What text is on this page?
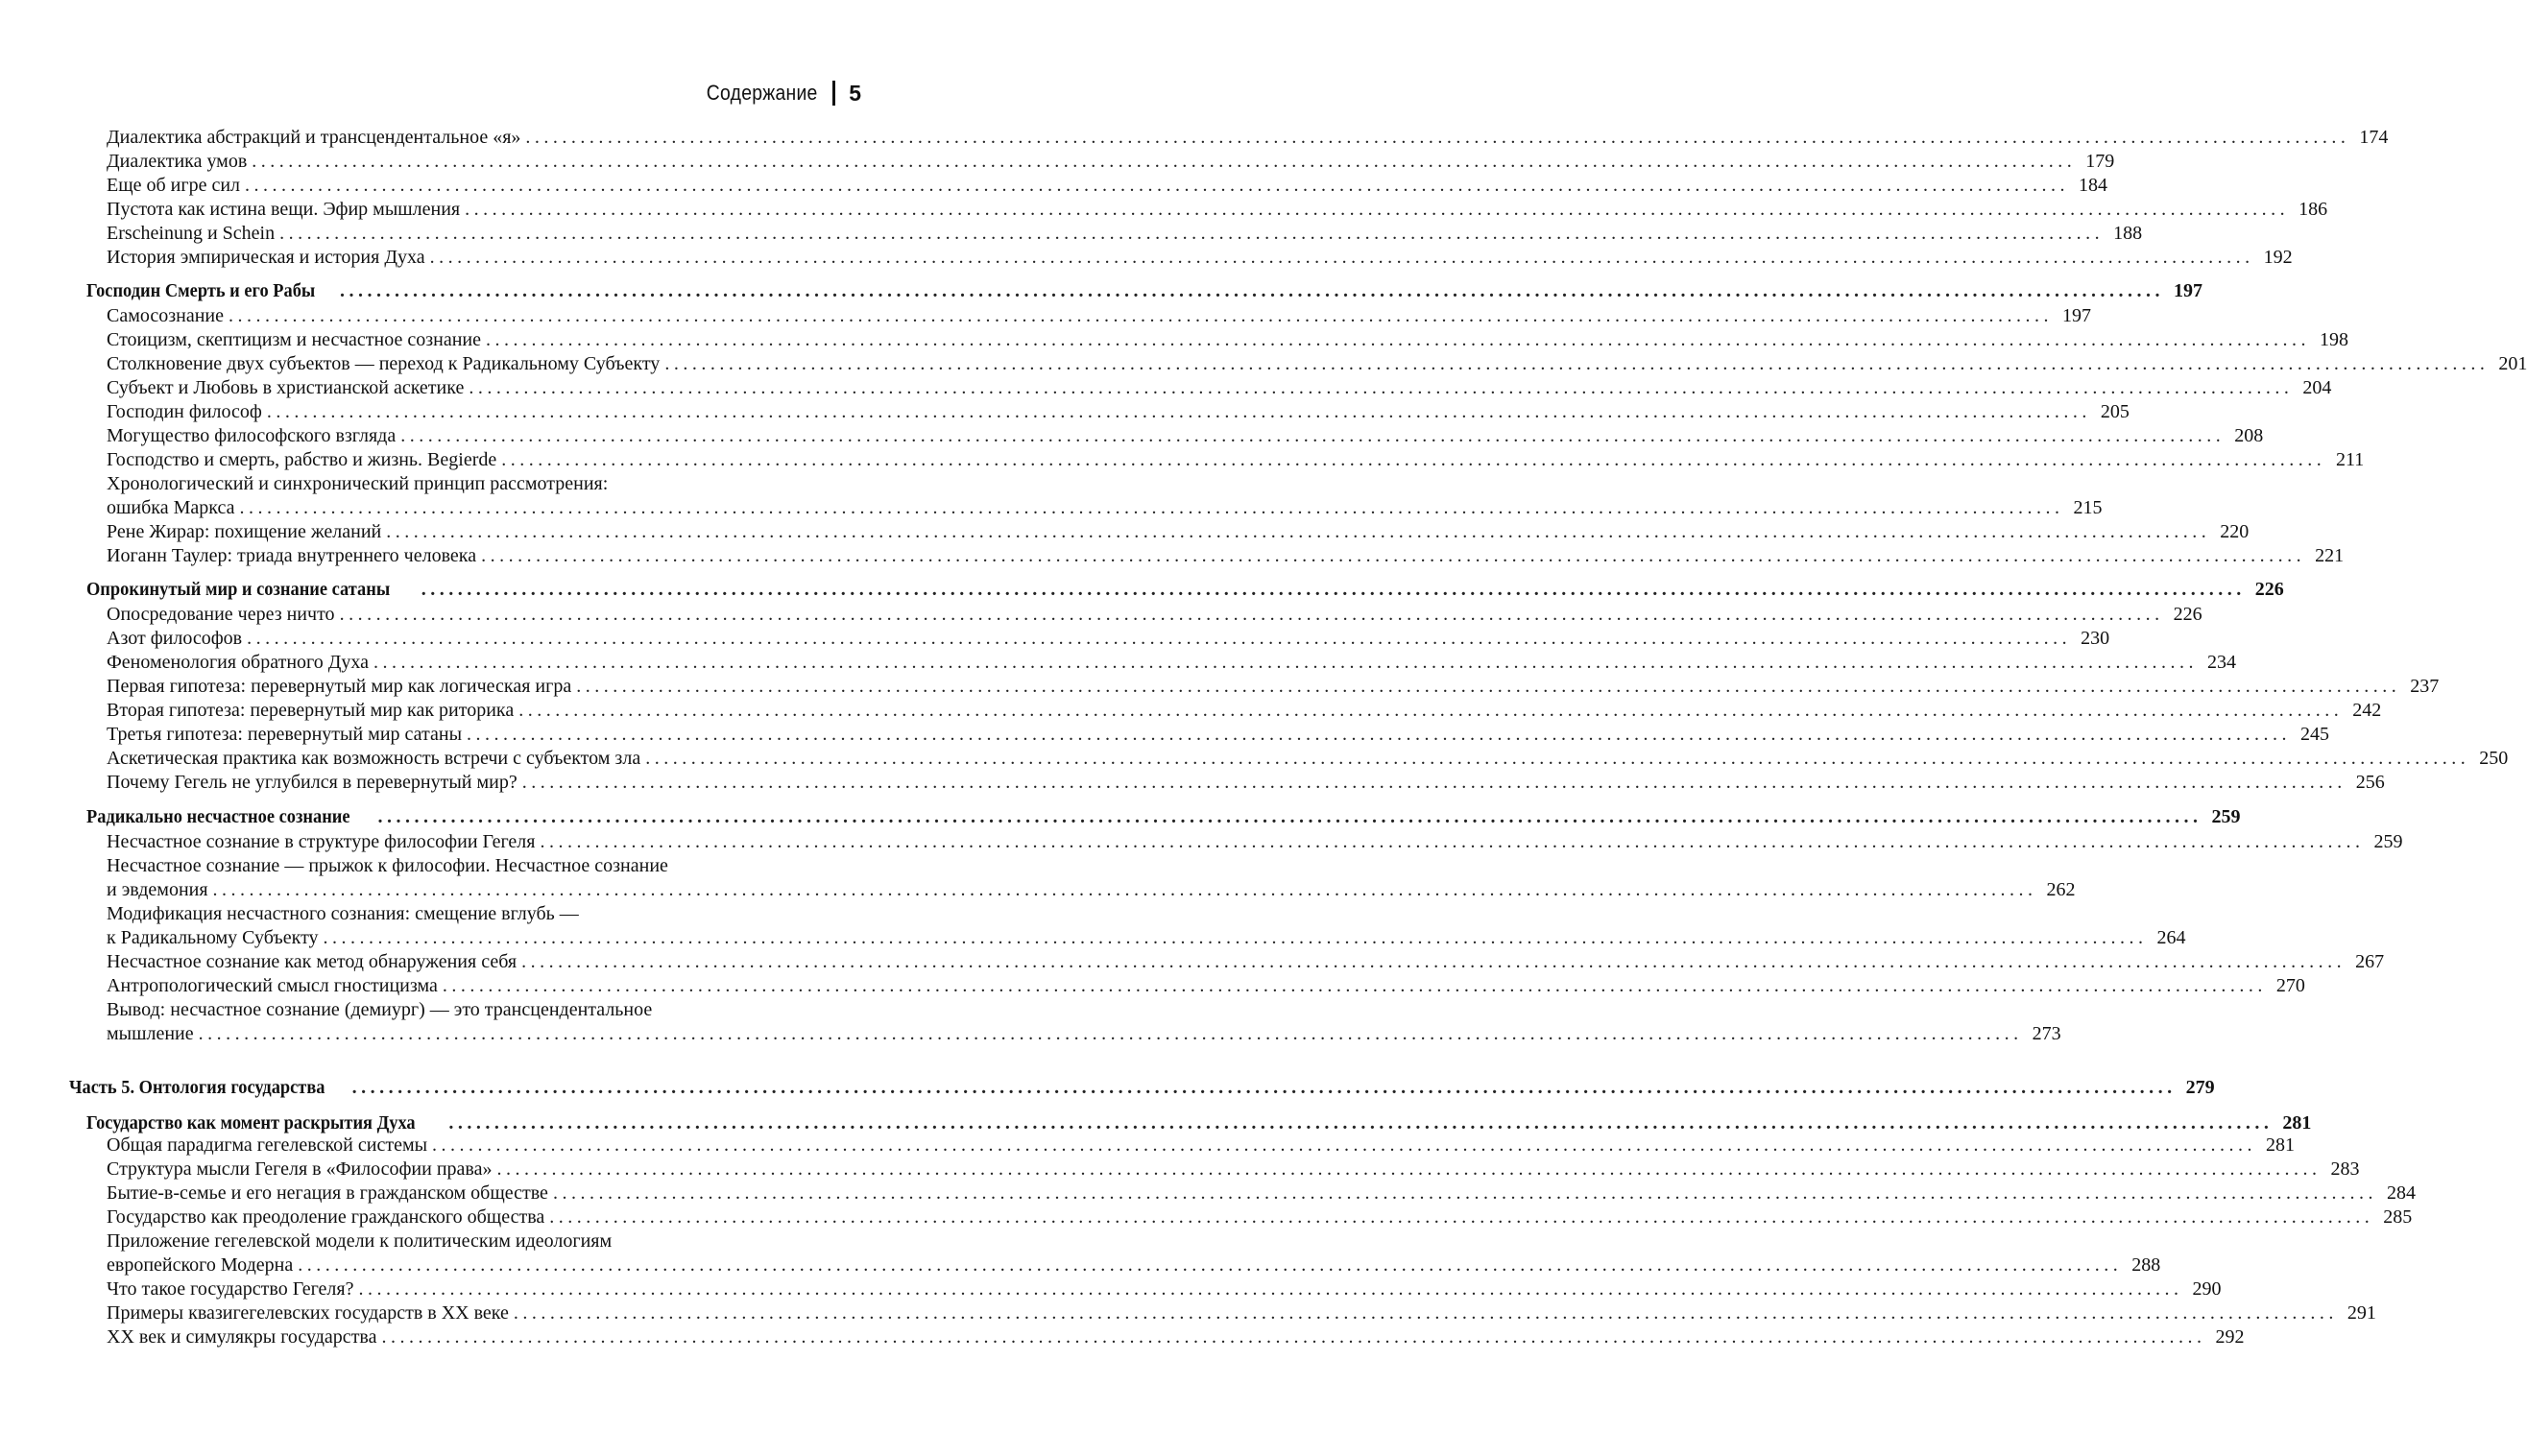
Содержание 5
Диалектика абстракций и трансцендентальное «я» ........................................................................................................................................................................................................ 174
Диалектика умов ........................................................................................................................................................................................................ 179
Еще об игре сил ........................................................................................................................................................................................................ 184
Пустота как истина вещи. Эфир мышления ........................................................................................................................................................................................................ 186
Erscheinung и Schein ........................................................................................................................................................................................................ 188
История эмпирическая и история Духа ........................................................................................................................................................................................................ 192
Господин Смерть и его Рабы ........................................................................................................................................................................................................ 197
Самосознание ........................................................................................................................................................................................................ 197
Стоицизм, скептицизм и несчастное сознание ........................................................................................................................................................................................................ 198
Столкновение двух субъектов — переход к Радикальному Субъекту ........................................................................................................................................................................................................ 201
Субъект и Любовь в христианской аскетике ........................................................................................................................................................................................................ 204
Господин философ ........................................................................................................................................................................................................ 205
Могущество философского взгляда ........................................................................................................................................................................................................ 208
Господство и смерть, рабство и жизнь. Begierde ........................................................................................................................................................................................................ 211
Хронологический и синхронический принцип рассмотрения:
ошибка Маркса ........................................................................................................................................................................................................ 215
Рене Жирар: похищение желаний ........................................................................................................................................................................................................ 220
Иоганн Таулер: триада внутреннего человека ........................................................................................................................................................................................................ 221
Опрокинутый мир и сознание сатаны ........................................................................................................................................................................................................ 226
Опосредование через ничто ........................................................................................................................................................................................................ 226
Азот философов ........................................................................................................................................................................................................ 230
Феноменология обратного Духа ........................................................................................................................................................................................................ 234
Первая гипотеза: перевернутый мир как логическая игра ........................................................................................................................................................................................................ 237
Вторая гипотеза: перевернутый мир как риторика ........................................................................................................................................................................................................ 242
Третья гипотеза: перевернутый мир сатаны ........................................................................................................................................................................................................ 245
Аскетическая практика как возможность встречи с субъектом зла ........................................................................................................................................................................................................ 250
Почему Гегель не углубился в перевернутый мир? ........................................................................................................................................................................................................ 256
Радикально несчастное сознание ........................................................................................................................................................................................................ 259
Несчастное сознание в структуре философии Гегеля ........................................................................................................................................................................................................ 259
Несчастное сознание — прыжок к философии. Несчастное сознание
и эвдемония ........................................................................................................................................................................................................ 262
Модификация несчастного сознания: смещение вглубь —
к Радикальному Субъекту ........................................................................................................................................................................................................ 264
Несчастное сознание как метод обнаружения себя ........................................................................................................................................................................................................ 267
Антропологический смысл гностицизма ........................................................................................................................................................................................................ 270
Вывод: несчастное сознание (демиург) — это трансцендентальное
мышление ........................................................................................................................................................................................................ 273
Часть 5. Онтология государства ........................................................................................................................................................................................................ 279
Государство как момент раскрытия Духа ........................................................................................................................................................................................................ 281
Общая парадигма гегелевской системы ........................................................................................................................................................................................................ 281
Структура мысли Гегеля в «Философии права» ........................................................................................................................................................................................................ 283
Бытие-в-семье и его негация в гражданском обществе ........................................................................................................................................................................................................ 284
Государство как преодоление гражданского общества ........................................................................................................................................................................................................ 285
Приложение гегелевской модели к политическим идеологиям
европейского Модерна ........................................................................................................................................................................................................ 288
Что такое государство Гегеля? ........................................................................................................................................................................................................ 290
Примеры квазигегелевских государств в XX веке ........................................................................................................................................................................................................ 291
XX век и симулякры государства ........................................................................................................................................................................................................ 292
